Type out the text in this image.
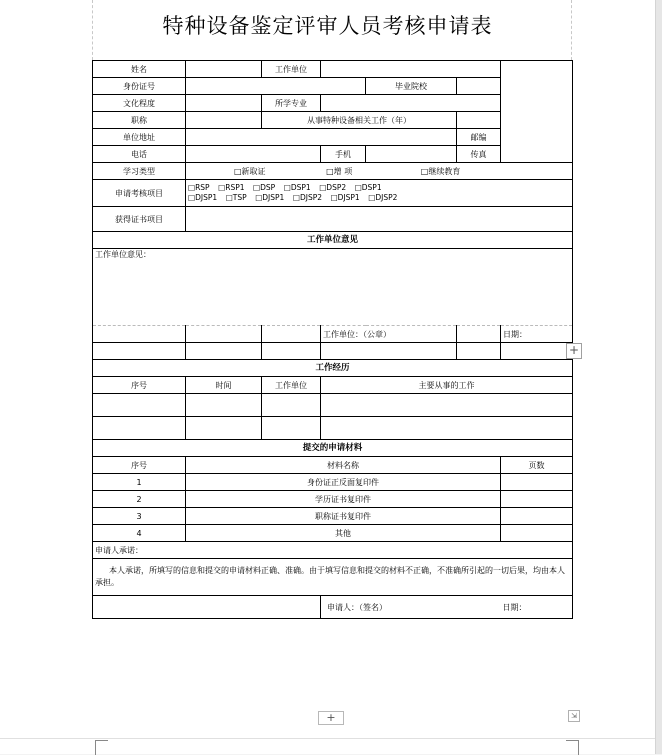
特种设备鉴定评审人员考核申请表
姓名		工作单位				
身份证号				毕业院校		
文化程度		所学专业				
职称		从事特种设备相关工作（年）				
单位地址					邮编	
电话			手机		传真	
学习类型	□新取证 □增 项 □继续教育					
申请考核项目	□RSP □RSP1 □DSP □DSP1 □DSP2 □DSP1
□DJSP1 □TSP □DJSP1 □DJSP2 □DJSP1 □DJSP2					

获得证书项目						
工作单位意见						
工作单位意见：						
			工作单位：（公章）			日期：

工作经历						
序号	时间	工作单位	主要从事的工作			

提交的申请材料						
序号	材料名称					页数
1	身份证正反面复印件					
2	学历证书复印件					
3	职称证书复印件					
4	其他					
申请人承诺：						
本人承诺，所填写的信息和提交的申请材料正确、准确。由于填写信息和提交的材料不正确，不准确所引起的一切后果，均由本人承担。						
			申请人：（签名）			日期：
+
+	⇲
